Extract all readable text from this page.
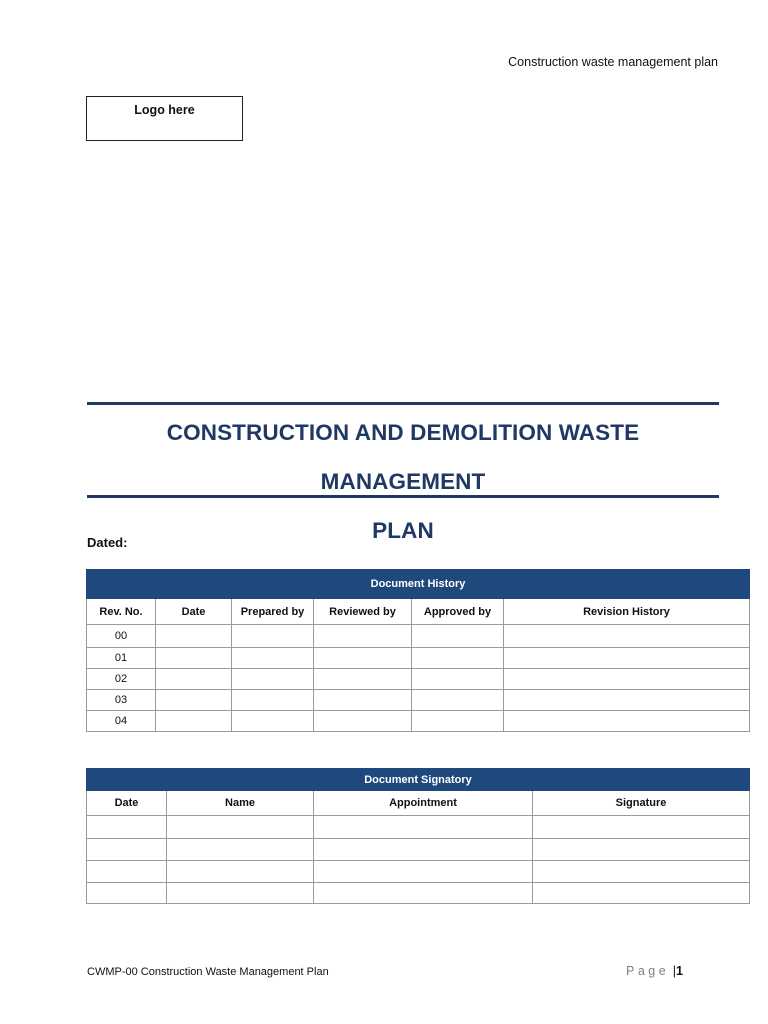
Construction waste management plan
Logo here
CONSTRUCTION AND DEMOLITION WASTE MANAGEMENT
PLAN
Dated:
Document History					
Rev. No.	Date	Prepared by	Reviewed by	Approved by	Revision History
00					
01					
02					
03					
04					
Document Signatory			
Date	Name	Appointment	Signature

CWMP-00 Construction Waste Management Plan	Page |1
